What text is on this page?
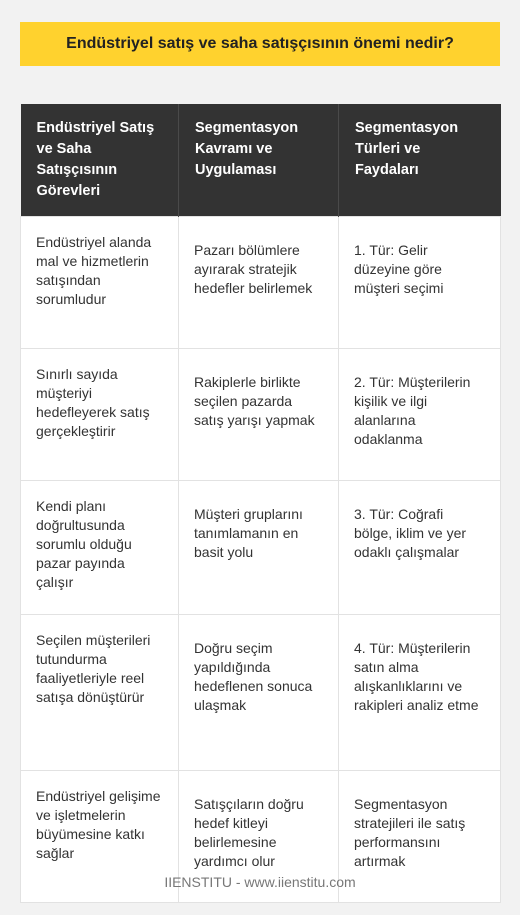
Endüstriyel satış ve saha satışçısının önemi nedir?
Endüstriyel Satış ve Saha Satışçısının Görevleri	Segmentasyon Kavramı ve Uygulaması	Segmentasyon Türleri ve Faydaları
Endüstriyel alanda mal ve hizmetlerin satışından sorumludur	Pazarı bölümlere ayırarak stratejik hedefler belirlemek	1. Tür: Gelir düzeyine göre müşteri seçimi
Sınırlı sayıda müşteriyi hedefleyerek satış gerçekleştirir	Rakiplerle birlikte seçilen pazarda satış yarışı yapmak	2. Tür: Müşterilerin kişilik ve ilgi alanlarına odaklanma
Kendi planı doğrultusunda sorumlu olduğu pazar payında çalışır	Müşteri gruplarını tanımlamanın en basit yolu	3. Tür: Coğrafi bölge, iklim ve yer odaklı çalışmalar
Seçilen müşterileri tutundurma faaliyetleriyle reel satışa dönüştürür	Doğru seçim yapıldığında hedeflenen sonuca ulaşmak	4. Tür: Müşterilerin satın alma alışkanlıklarını ve rakipleri analiz etme
Endüstriyel gelişime ve işletmelerin büyümesine katkı sağlar	Satışçıların doğru hedef kitleyi belirlemesine yardımcı olur	Segmentasyon stratejileri ile satış performansını artırmak
IIENSTITU - www.iienstitu.com
